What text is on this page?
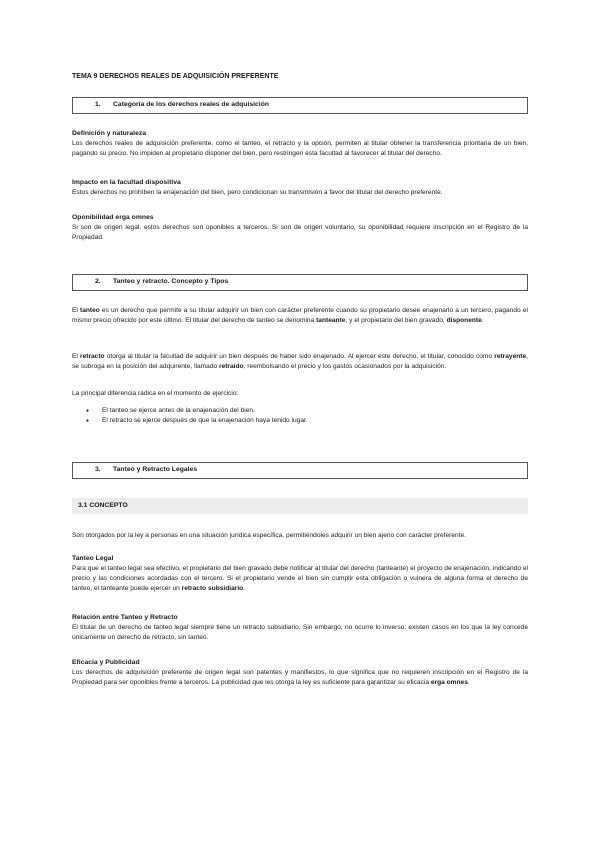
TEMA 9 DERECHOS REALES DE ADQUISICIÓN PREFERENTE
1.	Categoría de los derechos reales de adquisición

Definición y naturaleza

Los derechos reales de adquisición preferente, como el tanteo, el retracto y la opción, permiten al titular obtener la transferencia prioritaria de un bien, pagando su precio. No impiden al propietario disponer del bien, pero restringen esta facultad al favorecer al titular del derecho.

Impacto en la facultad dispositiva

Estos derechos no prohíben la enajenación del bien, pero condicionan su transmisión a favor del titular del derecho preferente.

Oponibilidad erga omnes

Si son de origen legal, estos derechos son oponibles a terceros. Si son de origen voluntario, su oponibilidad requiere inscripción en el Registro de la Propiedad.

2.	Tanteo y retracto. Concepto y Tipos

El tanteo es un derecho que permite a su titular adquirir un bien con carácter preferente cuando su propietario desee enajenarlo a un tercero, pagando el mismo precio ofrecido por este último. El titular del derecho de tanteo se denomina tanteante, y el propietario del bien gravado, disponente.

El retracto otorga al titular la facultad de adquirir un bien después de haber sido enajenado. Al ejercer este derecho, el titular, conocido como retrayente, se subroga en la posición del adquirente, llamado retraído, reembolsando el precio y los gastos ocasionados por la adquisición.

La principal diferencia radica en el momento de ejercicio:

● El tanteo se ejerce antes de la enajenación del bien.
● El retracto se ejerce después de que la enajenación haya tenido lugar.
3.	Tanteo y Retracto Legales
3.1 CONCEPTO

Son otorgados por la ley a personas en una situación jurídica específica, permitiéndoles adquirir un bien ajeno con carácter preferente.

Tanteo Legal

Para que el tanteo legal sea efectivo, el propietario del bien gravado debe notificar al titular del derecho (tanteante) el proyecto de enajenación, indicando el precio y las condiciones acordadas con el tercero. Si el propietario vende el bien sin cumplir esta obligación o vulnera de alguna forma el derecho de tanteo, el tanteante puede ejercer un retracto subsidiario.

Relación entre Tanteo y Retracto

El titular de un derecho de tanteo legal siempre tiene un retracto subsidiario. Sin embargo, no ocurre lo inverso: existen casos en los que la ley concede únicamente un derecho de retracto, sin tanteo.

Eficacia y Publicidad

Los derechos de adquisición preferente de origen legal son patentes y manifiestos, lo que significa que no requieren inscripción en el Registro de la Propiedad para ser oponibles frente a terceros. La publicidad que les otorga la ley es suficiente para garantizar su eficacia erga omnes.
